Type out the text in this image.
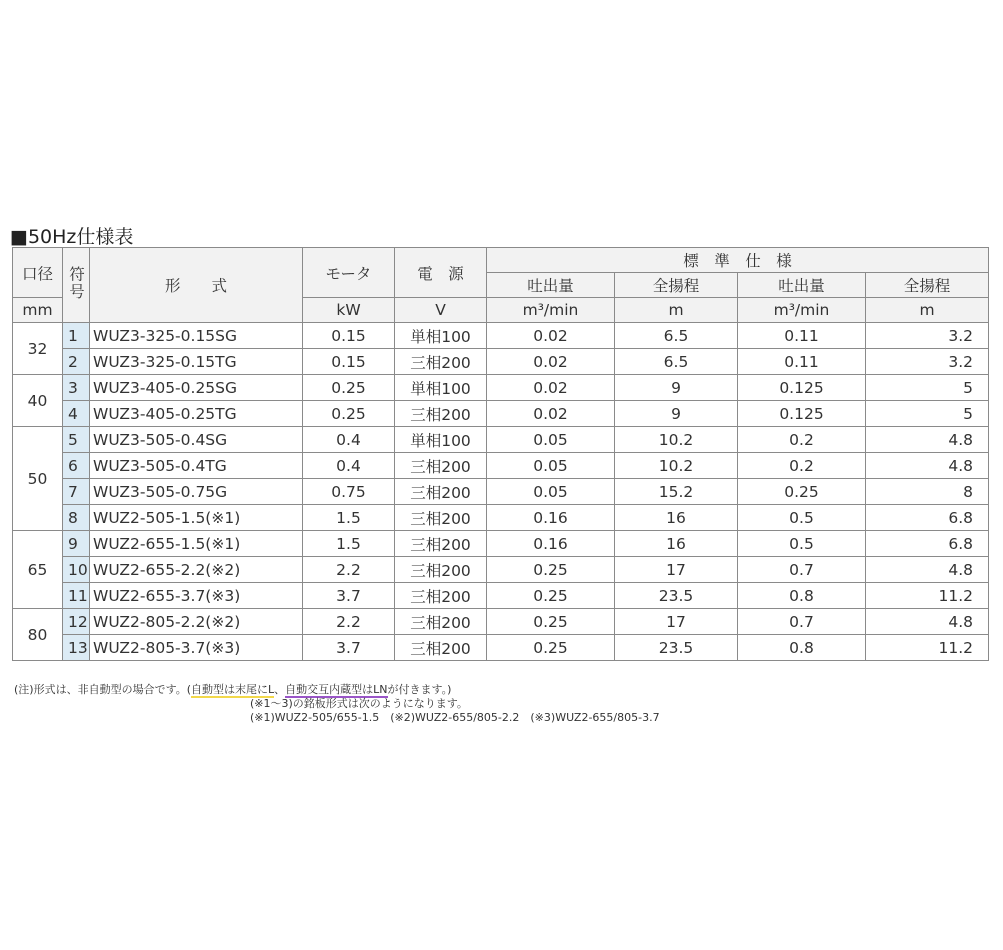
■50Hz仕様表
口径	符号	形　　式	モータ	電　源	標　準　仕　様			
					吐出量	全揚程	吐出量	全揚程
mm			kW	V	m³/min	m	m³/min	m
32	1	WUZ3-325-0.15SG	0.15	単相100	0.02	6.5	0.11	3.2
	2	WUZ3-325-0.15TG	0.15	三相200	0.02	6.5	0.11	3.2
40	3	WUZ3-405-0.25SG	0.25	単相100	0.02	9	0.125	5
	4	WUZ3-405-0.25TG	0.25	三相200	0.02	9	0.125	5
50	5	WUZ3-505-0.4SG	0.4	単相100	0.05	10.2	0.2	4.8
	6	WUZ3-505-0.4TG	0.4	三相200	0.05	10.2	0.2	4.8
	7	WUZ3-505-0.75G	0.75	三相200	0.05	15.2	0.25	8
	8	WUZ2-505-1.5(※1)	1.5	三相200	0.16	16	0.5	6.8
65	9	WUZ2-655-1.5(※1)	1.5	三相200	0.16	16	0.5	6.8
	10	WUZ2-655-2.2(※2)	2.2	三相200	0.25	17	0.7	4.8
	11	WUZ2-655-3.7(※3)	3.7	三相200	0.25	23.5	0.8	11.2
80	12	WUZ2-805-2.2(※2)	2.2	三相200	0.25	17	0.7	4.8
	13	WUZ2-805-3.7(※3)	3.7	三相200	0.25	23.5	0.8	11.2
(注)形式は、非自動型の場合です。(自動型は末尾にL、自動交互内蔵型はLNが付きます。)
(※1〜3)の銘板形式は次のようになります。
(※1)WUZ2-505/655-1.5　(※2)WUZ2-655/805-2.2　(※3)WUZ2-655/805-3.7
